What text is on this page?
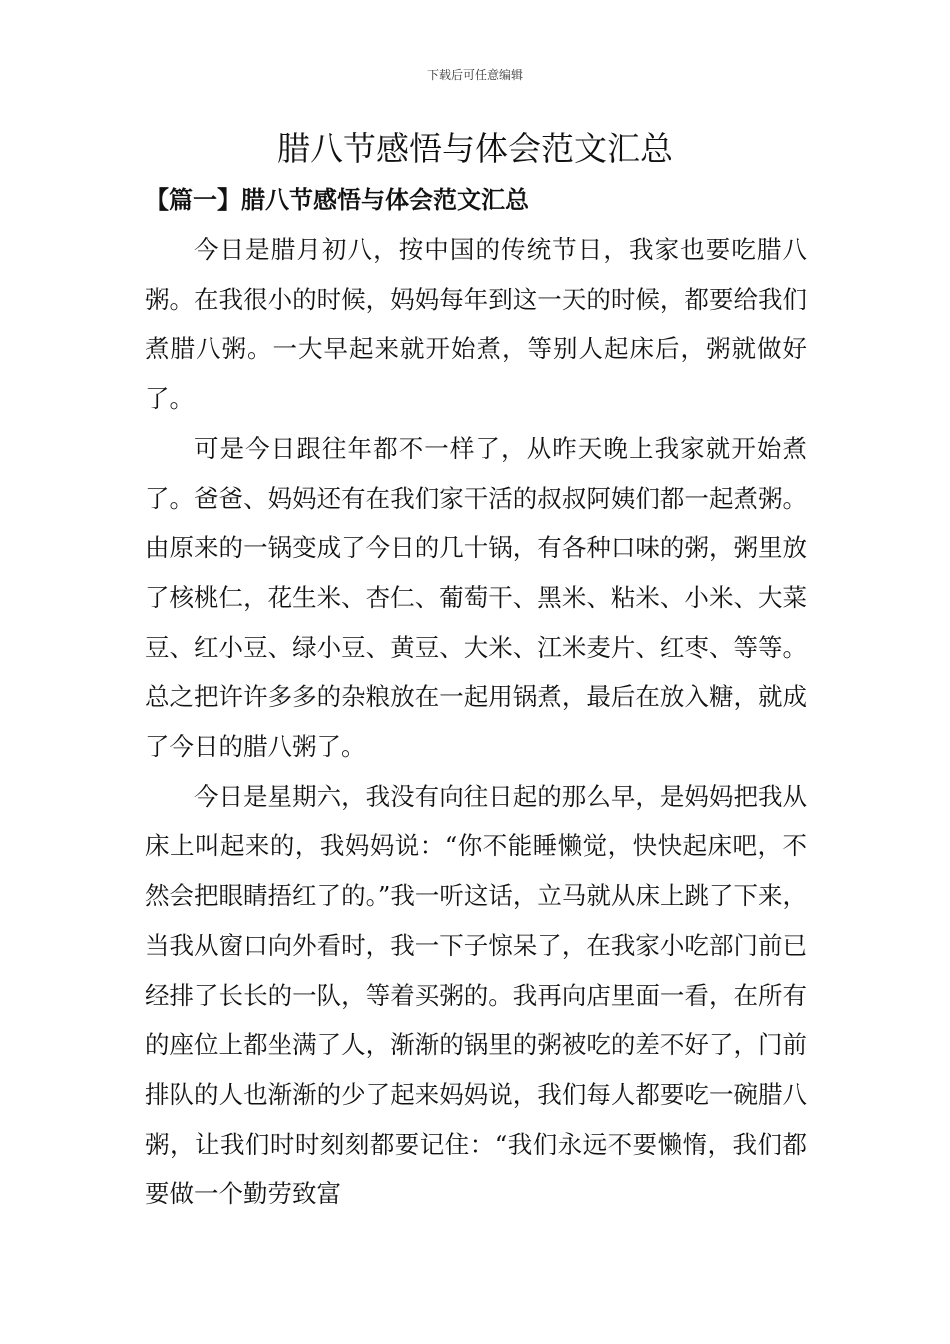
下载后可任意编辑
腊八节感悟与体会范文汇总
【篇一】腊八节感悟与体会范文汇总

今日是腊月初八，按中国的传统节日，我家也要吃腊八粥。在我很小的时候，妈妈每年到这一天的时候，都要给我们煮腊八粥。一大早起来就开始煮，等别人起床后，粥就做好了。

可是今日跟往年都不一样了，从昨天晚上我家就开始煮了。爸爸、妈妈还有在我们家干活的叔叔阿姨们都一起煮粥。由原来的一锅变成了今日的几十锅，有各种口味的粥，粥里放了核桃仁，花生米、杏仁、葡萄干、黑米、粘米、小米、大菜豆、红小豆、绿小豆、黄豆、大米、江米麦片、红枣、等等。总之把许许多多的杂粮放在一起用锅煮，最后在放入糖，就成了今日的腊八粥了。

今日是星期六，我没有向往日起的那么早，是妈妈把我从床上叫起来的，我妈妈说：“你不能睡懒觉，快快起床吧，不然会把眼睛捂红了的。”我一听这话，立马就从床上跳了下来，当我从窗口向外看时，我一下子惊呆了，在我家小吃部门前已经排了长长的一队，等着买粥的。我再向店里面一看，在所有的座位上都坐满了人，渐渐的锅里的粥被吃的差不好了，门前排队的人也渐渐的少了起来妈妈说，我们每人都要吃一碗腊八粥，让我们时时刻刻都要记住：“我们永远不要懒惰，我们都要做一个勤劳致富
